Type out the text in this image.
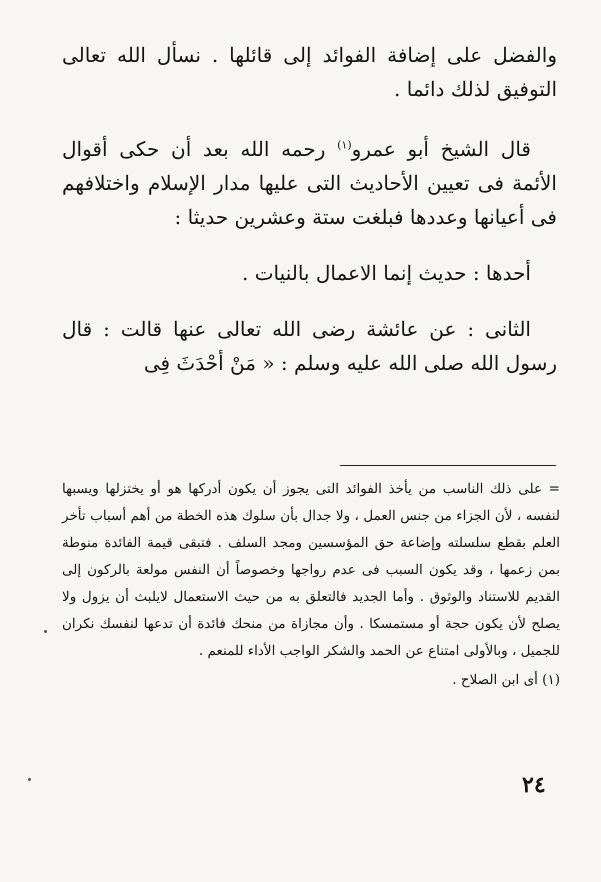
والفضل على إضافة الفوائد إلى قائلها . نسأل الله تعالى التوفيق لذلك دائما .

قال الشيخ أبو عمرو$^{(١)}$ رحمه الله بعد أن حكى أقوال الأئمة فى تعيين الأحاديث التى عليها مدار الإسلام واختلافهم فى أعيانها وعددها فبلغت ستة وعشرين حديثا :

أحدها : حديث إنما الاعمال بالنيات .

الثانى : عن عائشة رضى الله تعالى عنها قالت : قال رسول الله صلى الله عليه وسلم : « مَنْ أحْدَثَ فِى

= على ذلك الناسب من يأخذ الفوائد التى يجوز أن يكون أدركها هو أو يختزلها ويسبها لنفسه ، لأن الجزاء من جنس العمل ، ولا جدال بأن سلوك هذه الخطة من أهم أسباب تأخر العلم بقطع سلسلته وإضاعة حق المؤسسين ومجد السلف . فتبقى قيمة الفائدة منوطة بمن زعمها ، وقد يكون السبب فى عدم رواجها وخصوصاً أن النفس مولعة بالركون إلى القديم للاستناد والوثوق . وأما الجديد فالتعلق به من حيث الاستعمال لايلبث أن يزول ولا يصلح لأن يكون حجة أو مستمسكا . وأن مجازاة من منحك فائدة أن تدعها لنفسك نكران للجميل ، وبالأولى امتناع عن الحمد والشكر الواجب الأداء للمنعم .

(١) أى ابن الصلاح .

٢٤
